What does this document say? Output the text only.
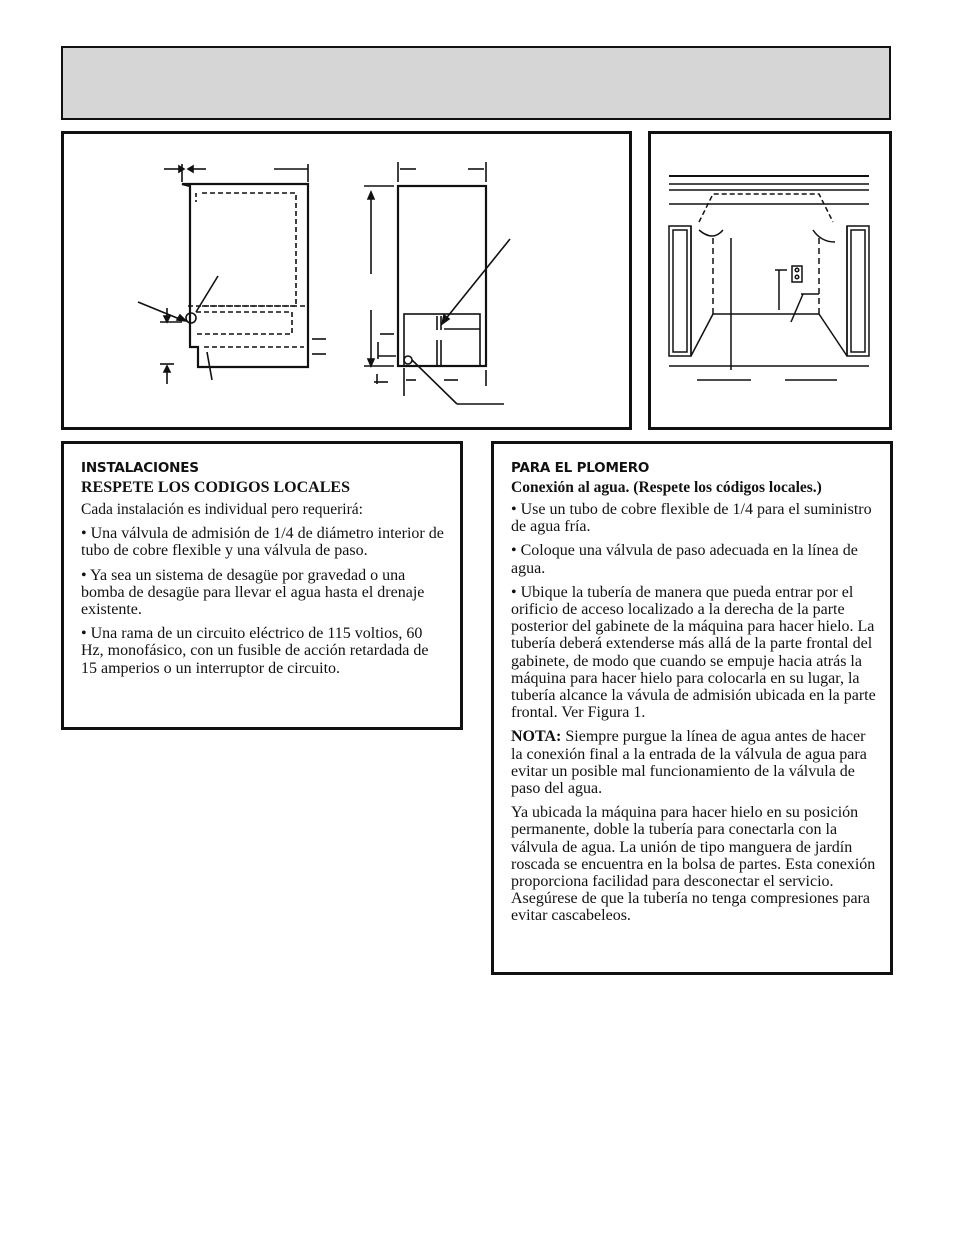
INSTALACIONES
RESPETE LOS CODIGOS LOCALES
Cada instalación es individual pero requerirá:
• Una válvula de admisión de 1/4 de diámetro interior de tubo de cobre flexible y una válvula de paso.
• Ya sea un sistema de desagüe por gravedad o una bomba de desagüe para llevar el agua hasta el drenaje existente.
• Una rama de un circuito eléctrico de 115 voltios, 60 Hz, monofásico, con un fusible de acción retardada de 15 amperios o un interruptor de circuito.
PARA EL PLOMERO
Conexión al agua. (Respete los códigos locales.)
• Use un tubo de cobre flexible de 1/4 para el suministro de agua fría.
• Coloque una válvula de paso adecuada en la línea de agua.
• Ubique la tubería de manera que pueda entrar por el orificio de acceso localizado a la derecha de la parte posterior del gabinete de la máquina para hacer hielo. La tubería deberá extenderse más allá de la parte frontal del gabinete, de modo que cuando se empuje hacia atrás la máquina para hacer hielo para colocarla en su lugar, la tubería alcance la vávula de admisión ubicada en la parte frontal. Ver Figura 1.
NOTA: Siempre purgue la línea de agua antes de hacer la conexión final a la entrada de la válvula de agua para evitar un posible mal funcionamiento de la válvula de paso del agua.
Ya ubicada la máquina para hacer hielo en su posición permanente, doble la tubería para conectarla con la válvula de agua. La unión de tipo manguera de jardín roscada se encuentra en la bolsa de partes. Esta conexión proporciona facilidad para desconectar el servicio. Asegúrese de que la tubería no tenga compresiones para evitar cascabeleos.
